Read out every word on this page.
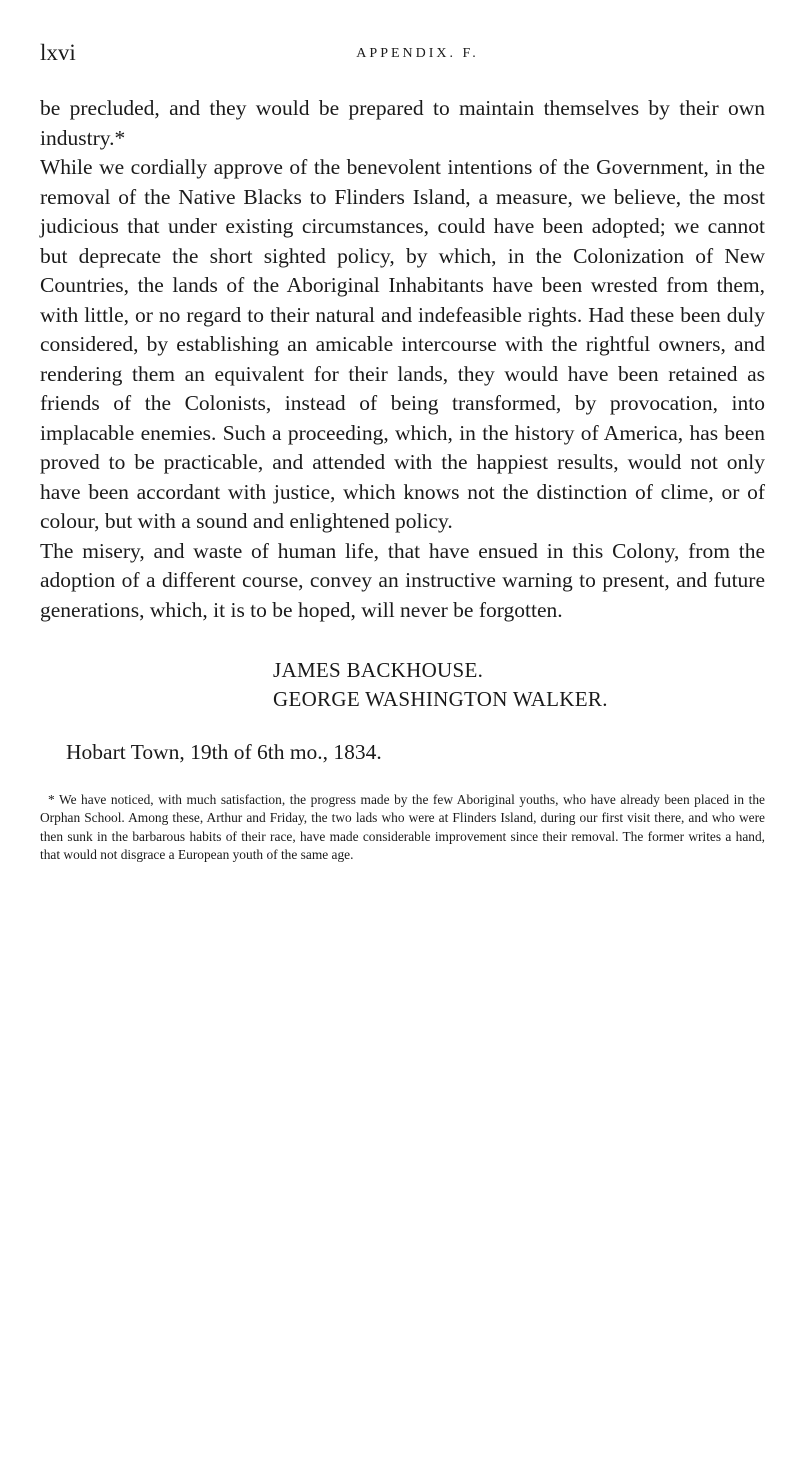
lxvi	APPENDIX. F.

be precluded, and they would be prepared to maintain themselves by their own industry.*

While we cordially approve of the benevolent intentions of the Government, in the removal of the Native Blacks to Flinders Island, a measure, we believe, the most judicious that under existing circumstances, could have been adopted; we cannot but deprecate the short sighted policy, by which, in the Colonization of New Countries, the lands of the Aboriginal Inhabitants have been wrested from them, with little, or no regard to their natural and indefeasible rights. Had these been duly considered, by establishing an amicable intercourse with the rightful owners, and rendering them an equivalent for their lands, they would have been retained as friends of the Colonists, instead of being transformed, by provocation, into implacable enemies. Such a proceeding, which, in the history of America, has been proved to be practicable, and attended with the happiest results, would not only have been accordant with justice, which knows not the distinction of clime, or of colour, but with a sound and enlightened policy.

The misery, and waste of human life, that have ensued in this Colony, from the adoption of a different course, convey an instructive warning to present, and future generations, which, it is to be hoped, will never be forgotten.

JAMES BACKHOUSE.
GEORGE WASHINGTON WALKER.
Hobart Town, 19th of 6th mo., 1834.

* We have noticed, with much satisfaction, the progress made by the few Aboriginal youths, who have already been placed in the Orphan School. Among these, Arthur and Friday, the two lads who were at Flinders Island, during our first visit there, and who were then sunk in the barbarous habits of their race, have made considerable improvement since their removal. The former writes a hand, that would not disgrace a European youth of the same age.
